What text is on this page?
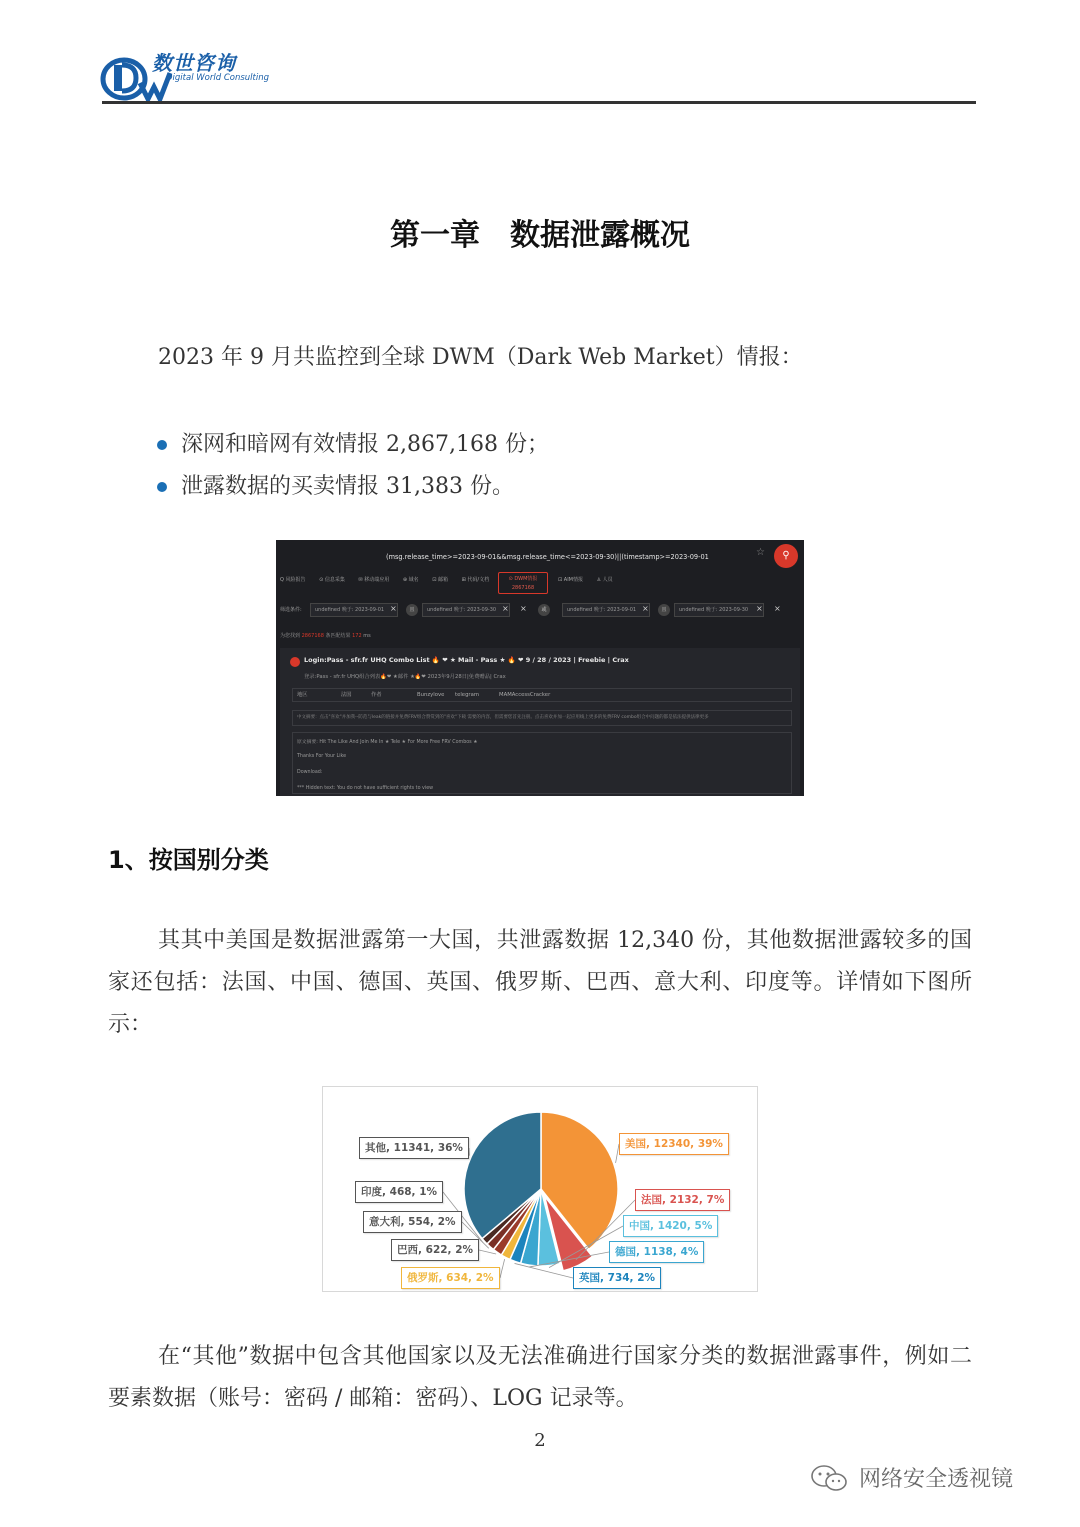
数世咨询
Digital World Consulting
第一章　数据泄露概况
2023 年 9 月共监控到全球 DWM（Dark Web Market）情报：
深网和暗网有效情报 2,867,168 份；
泄露数据的买卖情报 31,383 份。
(msg.release_time>=2023-09-01&&msg.release_time<=2023-09-30)||(timestamp>=2023-09-01	☆	⚲
Q 风险报告	⊙ 信息采集	✉ 移动端应用	⊕ 域名	⊡ 邮箱	⊞ 代码/文档	⊙ DWM情报
2867168
⊡ AIM情报	♙ 人员
筛选条件:	undefined 晚于: 2023-09-01 ×	且	undefined 晚于: 2023-09-30 × ×	或	undefined 晚于: 2023-09-01 ×	且	undefined 晚于: 2023-09-30 × ×
为您找到 2867168 条匹配结果 172 ms
Login:Pass - sfr.fr UHQ Combo List 🔥 ❤ ★ Mail - Pass ★ 🔥 ❤ 9 / 28 / 2023 | Freebie | Crax
登录:Pass - sfr.fr UHQ组合列表🔥❤ ★邮件 ★🔥❤ 2023年9月28日|免费赠品| Crax
地区	法国	作者	Bunzylove telegram	MAMAccessCracker
中文摘要：点击"喜欢"并加我--防范与leak的链接并免费FRV组合赞赏到的"喜欢"下载 需要的内容，但需要您首先注册。点击喜欢并加一起应用线上更多的免费FRV combo组合中问题的都是依法提供法律更多
原文摘要: Hit The Like And Join Me In ★ Tele ★ For More Free FRV Combos ★
Thanks For Your Like
Download:
*** Hidden text: You do not have sufficient rights to view
1、按国别分类
其其中美国是数据泄露第一大国，共泄露数据 12,340 份，其他数据泄露较多的国家还包括：法国、中国、德国、英国、俄罗斯、巴西、意大利、印度等。详情如下图所示：
美国, 12340, 39%
法国, 2132, 7%
中国, 1420, 5%
德国, 1138, 4%
英国, 734, 2%
俄罗斯, 634, 2%
巴西, 622, 2%
意大利, 554, 2%
印度, 468, 1%
其他, 11341, 36%
在“其他”数据中包含其他国家以及无法准确进行国家分类的数据泄露事件，例如二要素数据（账号：密码 / 邮箱：密码）、LOG 记录等。
2
网络安全透视镜
